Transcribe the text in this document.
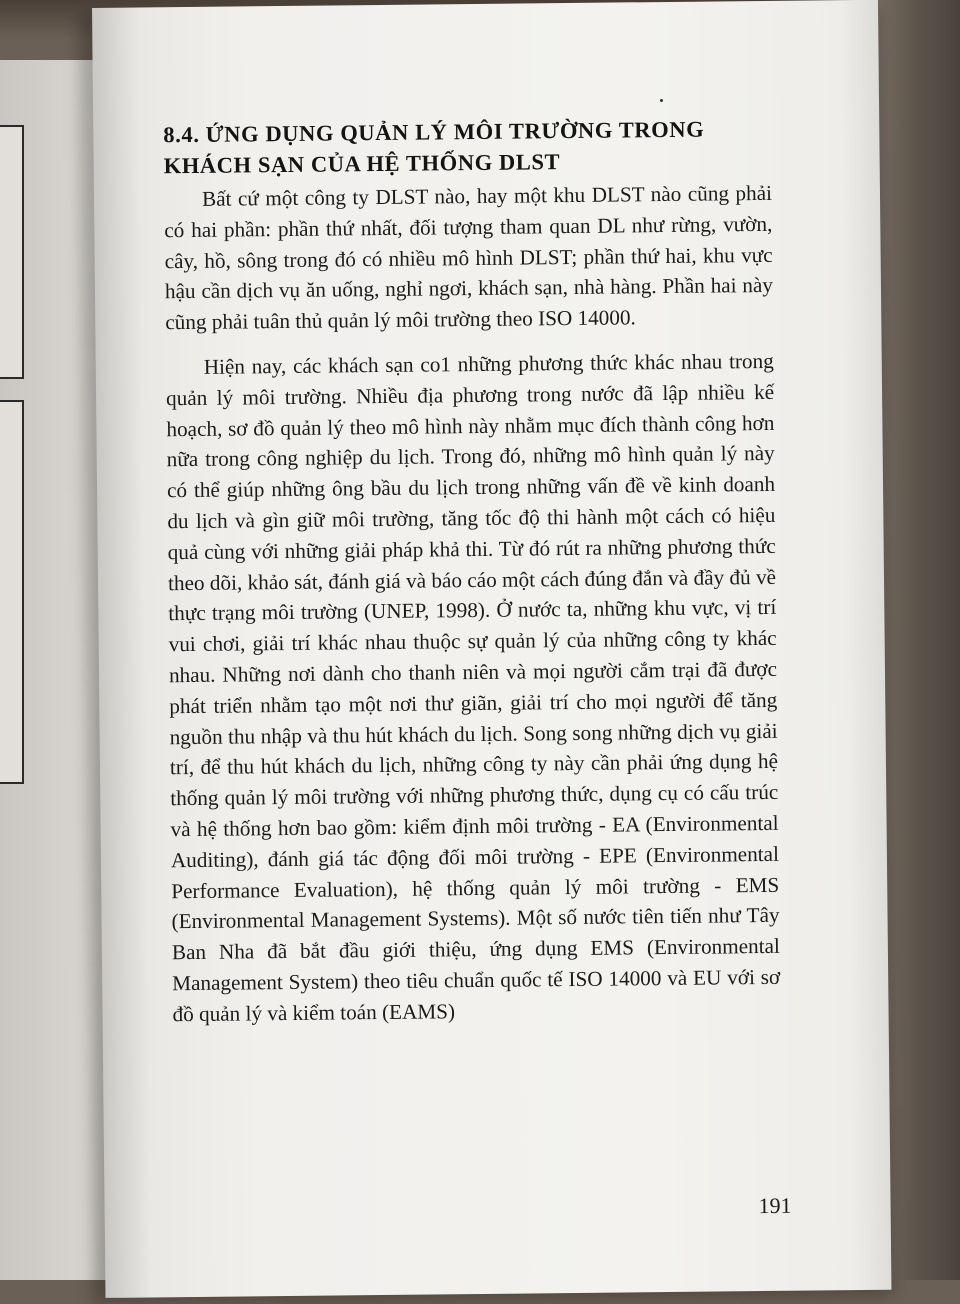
8.4. ỨNG DỤNG QUẢN LÝ MÔI TRƯỜNG TRONG
KHÁCH SẠN CỦA HỆ THỐNG DLST

Bất cứ một công ty DLST nào, hay một khu DLST nào cũng phải có hai phần: phần thứ nhất, đối tượng tham quan DL như rừng, vườn, cây, hồ, sông trong đó có nhiều mô hình DLST; phần thứ hai, khu vực hậu cần dịch vụ ăn uống, nghỉ ngơi, khách sạn, nhà hàng. Phần hai này cũng phải tuân thủ quản lý môi trường theo ISO 14000.

Hiện nay, các khách sạn co1 những phương thức khác nhau trong quản lý môi trường. Nhiều địa phương trong nước đã lập nhiều kế hoạch, sơ đồ quản lý theo mô hình này nhằm mục đích thành công hơn nữa trong công nghiệp du lịch. Trong đó, những mô hình quản lý này có thể giúp những ông bầu du lịch trong những vấn đề về kinh doanh du lịch và gìn giữ môi trường, tăng tốc độ thi hành một cách có hiệu quả cùng với những giải pháp khả thi. Từ đó rút ra những phương thức theo dõi, khảo sát, đánh giá và báo cáo một cách đúng đắn và đầy đủ về thực trạng môi trường (UNEP, 1998). Ở nước ta, những khu vực, vị trí vui chơi, giải trí khác nhau thuộc sự quản lý của những công ty khác nhau. Những nơi dành cho thanh niên và mọi người cắm trại đã được phát triển nhằm tạo một nơi thư giãn, giải trí cho mọi người để tăng nguồn thu nhập và thu hút khách du lịch. Song song những dịch vụ giải trí, để thu hút khách du lịch, những công ty này cần phải ứng dụng hệ thống quản lý môi trường với những phương thức, dụng cụ có cấu trúc và hệ thống hơn bao gồm: kiểm định môi trường - EA (Environmental Auditing), đánh giá tác động đối môi trường - EPE (Environmental Performance Evaluation), hệ thống quản lý môi trường - EMS (Environmental Management Systems). Một số nước tiên tiến như Tây Ban Nha đã bắt đầu giới thiệu, ứng dụng EMS (Environmental Management System) theo tiêu chuẩn quốc tế ISO 14000 và EU với sơ đồ quản lý và kiểm toán (EAMS)

191
